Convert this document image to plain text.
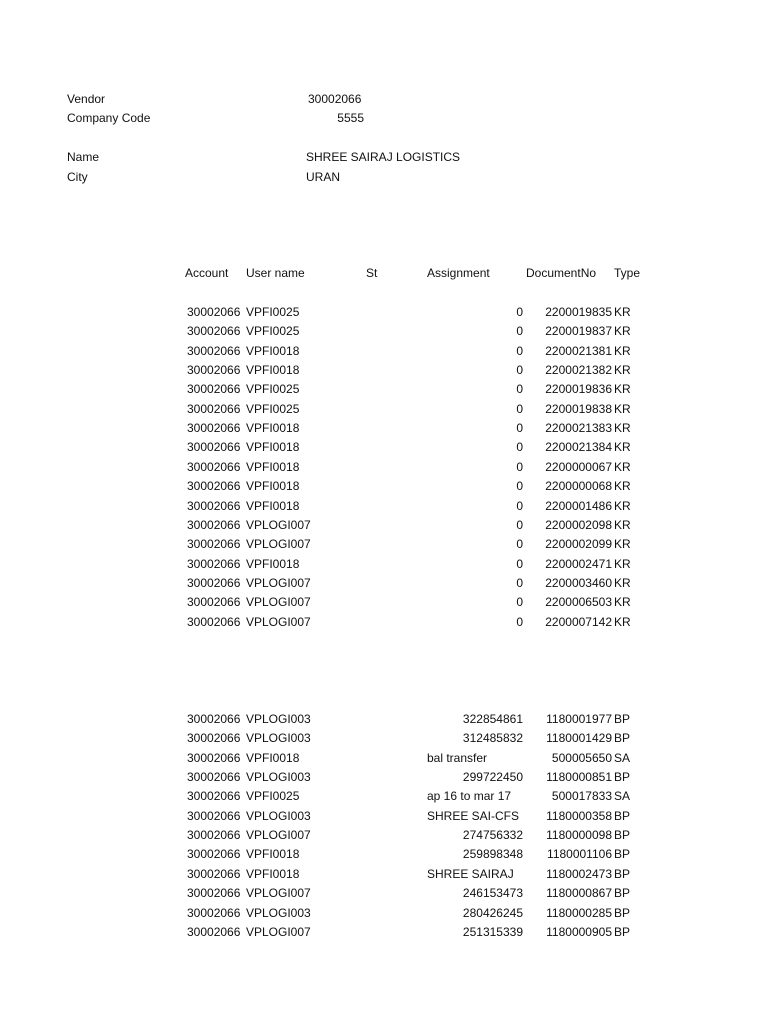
Vendor	30002066
Company Code	5555
Name	SHREE SAIRAJ LOGISTICS
City	URAN
Account User name	St	Assignment	DocumentNo Type
30002066 VPFI0025	0 2200019835 KR
30002066 VPFI0025	0 2200019837 KR
30002066 VPFI0018	0 2200021381 KR
30002066 VPFI0018	0 2200021382 KR
30002066 VPFI0025	0 2200019836 KR
30002066 VPFI0025	0 2200019838 KR
30002066 VPFI0018	0 2200021383 KR
30002066 VPFI0018	0 2200021384 KR
30002066 VPFI0018	0 2200000067 KR
30002066 VPFI0018	0 2200000068 KR
30002066 VPFI0018	0 2200001486 KR
30002066 VPLOGI007	0 2200002098 KR
30002066 VPLOGI007	0 2200002099 KR
30002066 VPFI0018	0 2200002471 KR
30002066 VPLOGI007	0 2200003460 KR
30002066 VPLOGI007	0 2200006503 KR
30002066 VPLOGI007	0 2200007142 KR
30002066 VPLOGI003	322854861 1180001977 BP
30002066 VPLOGI003	312485832 1180001429 BP
30002066 VPFI0018	bal transfer	500005650 SA
30002066 VPLOGI003	299722450 1180000851 BP
30002066 VPFI0025	ap 16 to mar 17	500017833 SA
30002066 VPLOGI003	SHREE SAI-CFS 1180000358 BP
30002066 VPLOGI007	274756332 1180000098 BP
30002066 VPFI0018	259898348 1180001106 BP
30002066 VPFI0018	SHREE SAIRAJ	1180002473 BP
30002066 VPLOGI007	246153473 1180000867 BP
30002066 VPLOGI003	280426245 1180000285 BP
30002066 VPLOGI007	251315339 1180000905 BP
